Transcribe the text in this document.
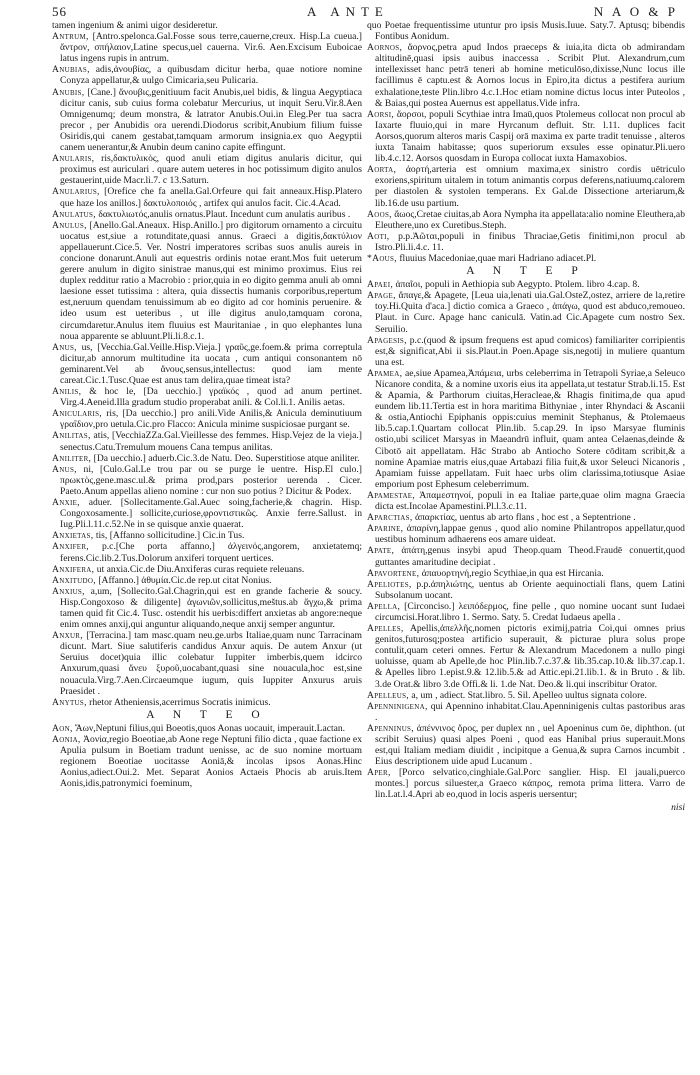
56	A ANTE	N A O & P
tamen ingenium & animi uigor desideretur.
Antrum, [Antro.spelonca.Gal.Fosse sous terre,cauerne,creux. Hisp.La cueua.] ἄντρον, σπήλαιον,Latine specus,uel cauerna. Vir.6. Aen.Excisum Euboicae latus ingens rupis in antrum.
Anubias, adis,ἀνουβίας, a quibusdam dicitur herba, quae notiore nomine Conyza appellatur,& uulgo Cimicaria,seu Pulicaria.
Anubis, [Cane.] ἄνουβις,genitiuum facit Anubis,uel bidis, & lingua Aegyptiaca dicitur canis, sub cuius forma colebatur Mercurius, ut inquit Seru.Vir.8.Aen Omnigenumq; deum monstra, & latrator Anubis.Oui.in Eleg.Per tua sacra precor , per Anubidis ora uerendi.Diodorus scribit,Anubium filium fuisse Osiridis,qui canem gestabat,tamquam armorum insignia.ex quo Aegyptii canem uenerantur,& Anubin deum canino capite effingunt.
Anularis, ris,δακτυλικὸς, quod anuli etiam digitus anularis dicitur, qui proximus est auriculari . quare autem ueteres in hoc potissimum digito anulos gestauerint,uide Macr.li.7. c 13.Saturn.
Anularius, [Orefice che fa anella.Gal.Orfeure qui fait anneaux.Hisp.Platero que haze los anillos.] δακτυλοποιός , artifex qui anulos facit. Cic.4.Acad.
Anulatus, δακτυλιωτός,anulis ornatus.Plaut. Incedunt cum anulatis auribus .
Anulus, [Anello.Gal.Aneaux. Hisp.Anillo.] pro digitorum ornamento a circuitu uocatus est,siue a rotunditate,quasi annus. Graeci a digitis,δακτύλιον appellauerunt.Cice.5. Ver. Nostri imperatores scribas suos anulis aureis in concione donarunt.Anuli aut equestris ordinis notae erant.Mos fuit ueterum gerere anulum in digito sinistrae manus,qui est minimo proximus. Eius rei duplex redditur ratio a Macrobio : prior,quia in eo digito gemma anuli ab omni laesione esset tutissima : altera, quia dissectis humanis corporibus,repertum est,neruum quendam tenuissimum ab eo digito ad cor hominis peruenire. & ideo usum est ueteribus , ut ille digitus anulo,tamquam corona, circumdaretur.Anulus item fluuius est Mauritaniae , in quo elephantes luna noua apparente se abluunt.Pli.li.8.c.1.
Anus, us, [Vecchia.Gal.Veille.Hisp.Vieja.] γραῦς,ge.foem.& prima correptula dicitur,ab annorum multitudine ita uocata , cum antiqui consonantem nō geminarent.Vel ab ἄνους,sensus,intellectus: quod iam mente careat.Cic.1.Tusc.Quae est anus tam delira,quae timeat ista?
Anilis, & hoc le, [Da uecchio.] γραϊκός , quod ad anum pertinet. Virg.4.Aeneid.Illa gradum studio properabat anili. & Col.li.1. Anilis aetas.
Anicularis, ris, [Da uecchio.] pro anili.Vide Anilis,& Anicula deminutiuum γραΐδιον,pro uetula.Cic.pro Flacco: Anicula minime suspiciosae purgant se.
Anilitas, atis, [VecchiaZZa.Gal.Vieillesse des femmes. Hisp.Vejez de la vieja.] senectus.Catu.Tremulum mouens Cana tempus anilitas.
Aniliter, [Da uecchio.] aduerb.Cic.3.de Natu. Deo. Superstitiose atque aniliter.
Anus, ni, [Culo.Gal.Le trou par ou se purge le uentre. Hisp.El culo.] πρωκτὸς,gene.masc.ul.& prima prod,pars posterior uerenda . Cicer. Paeto.Anum appellas alieno nomine : cur non suo potius ? Dicitur & Podex.
Anxie, aduer. [Sollecitamente.Gal.Auec soing,facherie,& chagrin. Hisp. Congoxosamente.] sollicite,curiose,φροντιστικῶς. Anxie ferre.Sallust. in Iug.Pli.l.11.c.52.Ne in se quisque anxie quaerat.
Anxietas, tis, [Affanno sollicitudine.] Cic.in Tus.
Anxifer, p.c.[Che porta affanno,] ἀλγεινός,angorem, anxietatemq; ferens.Cic.lib.2.Tus.Dolorum anxiferi torquent uertices.
Anxifera, ut anxia.Cic.de Diu.Anxiferas curas requiete releuans.
Anxitudo, [Affanno.] ἀθυμία.Cic.de rep.ut citat Nonius.
Anxius, a,um, [Sollecito.Gal.Chagrin,qui est en grande facherie & soucy. Hisp.Congoxoso & diligente] ἀγωνιῶν,sollicitus,meštus.ab ἄγχω,& prima tamen quid fit Cic.4. Tusc. ostendit his uerbis:differt anxietas ab angore:neque enim omnes anxij,qui anguntur aliquando,neque anxij semper anguntur.
Anxur, [Terracina.] tam masc.quam neu.ge.urbs Italiae,quam nunc Tarracinam dicunt. Mart. Siue salutiferis candidus Anxur aquis. De autem Anxur (ut Seruius docet)quia illic colebatur Iuppiter imberbis,quem idcirco Anxurum,quasi ἄνευ ξυροῦ,uocabant,quasi sine nouacula,hoc est,sine nouacula.Virg.7.Aen.Circaeumque iugum, quis Iuppiter Anxurus aruis Praesidet .
Anytus, rhetor Atheniensis,acerrimus Socratis inimicus.
A N T E O
Aon, Ἄων,Neptuni filius,qui Boeotis,quos Aonas uocauit, imperauit.Lactan.
Aonia, Ἀονία,regio Boeotiae,ab Aone rege Neptuni filio dicta , quae factione ex Apulia pulsum in Boetiam tradunt uenisse, ac de suo nomine mortuam regionem Boeotiae uocitasse Aoniā,& incolas ipsos Aonas.Hinc Aonius,adiect.Oui.2. Met. Separat Aonios Actaeis Phocis ab aruis.Item Aonis,idis,patronymici foeminum,
quo Poetae frequentissime utuntur pro ipsis Musis.Iuue. Saty.7. Aptusq; bibendis Fontibus Aonidum.
Aornos, ἄορνος,petra apud Indos praeceps & iuia,ita dicta ob admirandam altitudinē,quasi ipsis auibus inaccessa . Scribit Plut. Alexandrum,cum intellexisset hanc petrā teneri ab homine meticulōso,dixisse,Nunc locus ille facillimus ē captu.est & Aornos locus in Epiro,ita dictus a pestifera aurium exhalatione,teste Plin.libro 4.c.1.Hoc etiam nomine dictus locus inter Puteolos , & Baias,qui postea Auernus est appellatus.Vide infra.
Aorsi, ἄορσοι, populi Scythiae intra Imaū,quos Ptolemeus collocat non procul ab Iaxarte fluuio,qui in mare Hyrcanum defluit. Str. l.11. duplices facit Aorsos,quorum alteros maris Caspij orā maxima ex parte tradit tenuisse , alteros iuxta Tanaim habitasse; quos superiorum exsules esse opinatur.Pli.uero lib.4.c.12. Aorsos quosdam in Europa collocat iuxta Hamaxobios.
Aorta, ἀορτή,arteria est omnium maxima,ex sinistro cordis uētriculo exoriens,spiritum uitalem in totum animantis corpus deferens,natiuumq.calorem per diastolen & systolen temperans. Ex Gal.de Dissectione arteriarum,& lib.16.de usu partium.
Aoos, ἄωος,Cretae ciuitas,ab Aora Nympha ita appellata:alio nomine Eleuthera,ab Eleuthere,uno ex Curetibus.Steph.
Aoti, p.p.Ἀῶται,populi in finibus Thraciae,Getis finitimi,non procul ab Istro.Pli.li.4.c. 11.
*Aous, fluuius Macedoniae,quae mari Hadriano adiacet.Pl.
A N T E P
Apaei, ἀπαῖοι, populi in Aethiopia sub Aegypto. Ptolem. libro 4.cap. 8.
Apage, ἄπαγε,& Apagete, [Leua uia,lenati uia.Gal.OsteZ,ostez, arriere de la,retire toy.Hi.Quita d'aca.] dictio comica a Graeco , ἀπάγω, quod est abduco,remoueo. Plaut. in Curc. Apage hanc caniculā. Vatin.ad Cic.Apagete cum nostro Sex. Seruilio.
Apagesis, p.c.(quod & ipsum frequens est apud comicos) familiariter corripientis est,& significat,Abi ii sis.Plaut.in Poen.Apage sis,negotij in muliere quantum una est.
Apamea, ae,siue Apamea,Ἀπάμεια, urbs celeberrima in Tetrapoli Syriae,a Seleuco Nicanore condita, & a nomine uxoris eius ita appellata,ut testatur Strab.li.15. Est & Apamia, & Parthorum ciuitas,Heracleae,& Rhagis finitima,de qua apud eundem lib.11.Tertia est in hora maritima Bithyniae , inter Rhyndaci & Ascanii & ostia,Antiochi Epiphanis oppis:cuius meminit Stephanus, & Ptolemaeus lib.5.cap.1.Quartam collocat Plin.lib. 5.cap.29. In ipso Marsyae fluminis ostio,ubi scilicet Marsyas in Maeandrū influit, quam antea Celaenas,deinde & Cibotō ait appellatam. Hāc Strabo ab Antiocho Sotere cōditam scribit,& a nomine Apamiae matris eius,quae Artabazi filia fuit,& uxor Seleuci Nicanoris , Apamiam fuisse appellatam. Fuit haec urbs olim clarissima,totiusque Asiae emporium post Ephesum celeberrimum.
Apamestae, Ἀπαμεστηνοί, populi in ea Italiae parte,quae olim magna Graecia dicta est.Incolae Apamestini.Pl.l.3.c.11.
Aparctias, ἀπαρκτίας, uentus ab arto flans , hoc est , a Septentrione .
Aparine, ἀπαρίνη,lappae genus , quod alio nomine Philantropos appellatur,quod uestibus hominum adhaerens eos amare uideat.
Apate, ἀπάτη,genus insybi apud Theop.quam Theod.Fraudē conuertit,quod guttantes amaritudine decipiat .
Apavortene, ἀπαυορτηνή,regio Scythiae,in qua est Hircania.
Apeliotes, p.p.ἀπηλιώτης, uentus ab Oriente aequinoctiali flans, quem Latini Subsolanum uocant.
Apella, [Circonciso.] λειπόδερμος, fine pelle , quo nomine uocant sunt Iudaei circumcisi.Horat.libro 1. Sermo. Saty. 5. Credat Iudaeus apella .
Apelles, Apellis,ἀπελλῆς,nomen pictoris eximij,patria Coi,qui omnes prius genitos,futurosq;postea artificio superauit, & picturae plura solus prope contulit,quam ceteri omnes. Fertur & Alexandrum Macedonem a nullo pingi uoluisse, quam ab Apelle,de hoc Plin.lib.7.c.37.& lib.35.cap.10.& lib.37.cap.1. & Apelles libro 1.epist.9.& 12.lib.5.& ad Attic.epi.21.lib.1. & in Bruto . & lib. 3.de Orat.& libro 3.de Offi.& li. 1.de Nat. Deo.& li.qui inscribitur Orator.
Apelleus, a, um , adiect. Stat.libro. 5. Sil. Apelleo uultus signata colore.
Apenninigena, qui Apennino inhabitat.Clau.Apenninigenis cultas pastoribus aras .
Apenninus, ἀπέννινος ὄρος, per duplex nn , uel Apoeninus cum ōe, diphthon. (ut scribit Seruius) quasi alpes Poeni , quod eas Hanibal prius superauit.Mons est,qui Italiam mediam diuidit , incipitque a Genua,& supra Carnos incumbit . Eius descriptionem uide apud Lucanum .
Aper, [Porco selvatico,cinghiale.Gal.Porc sanglier. Hisp. El jauali,puerco montes.] porcus siluester,a Graeco κάπρος, remota prima littera. Varro de lin.Lat.l.4.Apri ab eo,quod in locis asperis uersentur;
nisi
